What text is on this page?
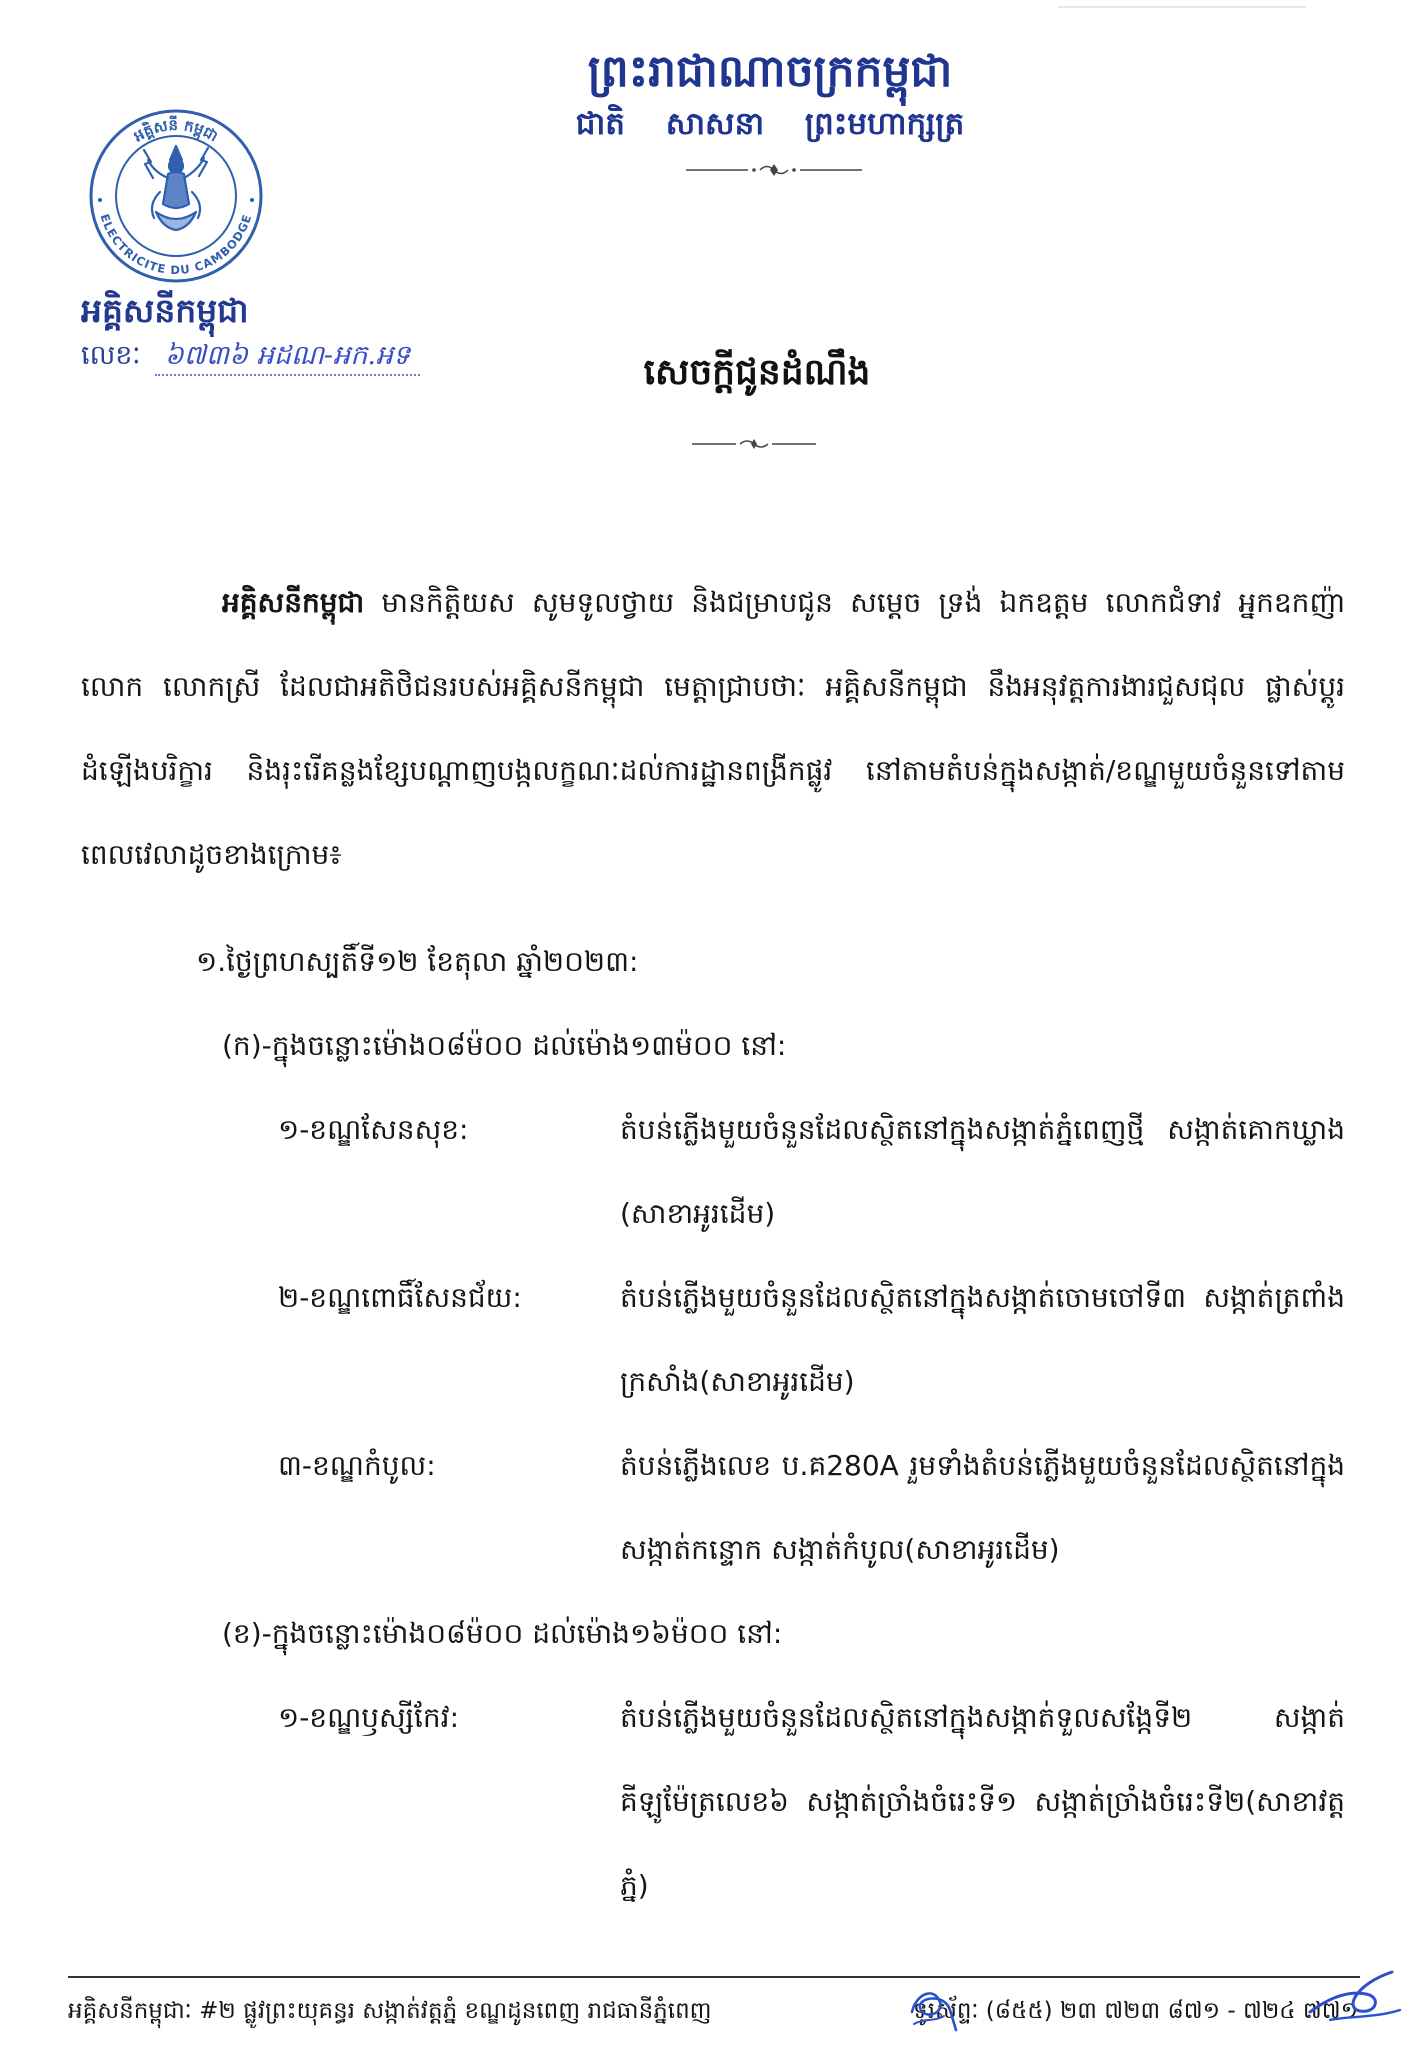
ព្រះរាជាណាចក្រកម្ពុជា
ជាតិ សាសនា ព្រះមហាក្សត្រ
អគ្គិសនី កម្ពុជា
ELECTRICITE DU CAMBODGE
អគ្គិសនីកម្ពុជា
លេខៈ ៦៧៣៦ អដណ-អក.អទ	សេចក្តីជូនដំណឹង

អគ្គិសនីកម្ពុជា មានកិត្តិយស សូមទូលថ្វាយ និងជម្រាបជូន សម្តេច ទ្រង់ ឯកឧត្តម លោកជំទាវ អ្នកឧកញ៉ា លោក លោកស្រី ដែលជាអតិថិជនរបស់អគ្គិសនីកម្ពុជា មេត្តាជ្រាបថាៈ អគ្គិសនីកម្ពុជា នឹងអនុវត្តការងារជួសជុល ផ្លាស់ប្តូរដំឡើងបរិក្ខារ និងរុះរើគន្លងខ្សែបណ្តាញបង្កលក្ខណៈដល់ការដ្ឋានពង្រីកផ្លូវ នៅតាមតំបន់ក្នុងសង្កាត់/ខណ្ឌមួយចំនួនទៅតាមពេលវេលាដូចខាងក្រោម៖

១.ថ្ងៃព្រហស្បតិ៍ទី១២ ខែតុលា ឆ្នាំ២០២៣:
(ក)-ក្នុងចន្លោះម៉ោង០៨ម៉០០ ដល់ម៉ោង១៣ម៉០០ នៅ:
១-ខណ្ឌសែនសុខ:	តំបន់ភ្លើងមួយចំនួនដែលស្ថិតនៅក្នុងសង្កាត់ភ្នំពេញថ្មី សង្កាត់គោកឃ្លាង (សាខាអូរដើម)
២-ខណ្ឌពោធិ៍សែនជ័យ:	តំបន់ភ្លើងមួយចំនួនដែលស្ថិតនៅក្នុងសង្កាត់ចោមចៅទី៣ សង្កាត់ត្រពាំងក្រសាំង(សាខាអូរដើម)
៣-ខណ្ឌកំបូល:	តំបន់ភ្លើងលេខ ប.គ280A រួមទាំងតំបន់ភ្លើងមួយចំនួនដែលស្ថិតនៅក្នុងសង្កាត់កន្ទោក សង្កាត់កំបូល(សាខាអូរដើម)
(ខ)-ក្នុងចន្លោះម៉ោង០៨ម៉០០ ដល់ម៉ោង១៦ម៉០០ នៅ:
១-ខណ្ឌឫស្សីកែវ:	តំបន់ភ្លើងមួយចំនួនដែលស្ថិតនៅក្នុងសង្កាត់ទួលសង្កែទី២ សង្កាត់គីឡូម៉ែត្រលេខ៦ សង្កាត់ច្រាំងចំរេះទី១ សង្កាត់ច្រាំងចំរេះទី២(សាខាវត្តភ្នំ)
អគ្គិសនីកម្ពុជាៈ #២ ផ្លូវព្រះយុគន្ធរ សង្កាត់វត្តភ្នំ ខណ្ឌដូនពេញ រាជធានីភ្នំពេញ	ទូរស័ព្ទៈ (៨៥៥) ២៣ ៧២៣ ៨៧១ - ៧២៤ ៧៧១
